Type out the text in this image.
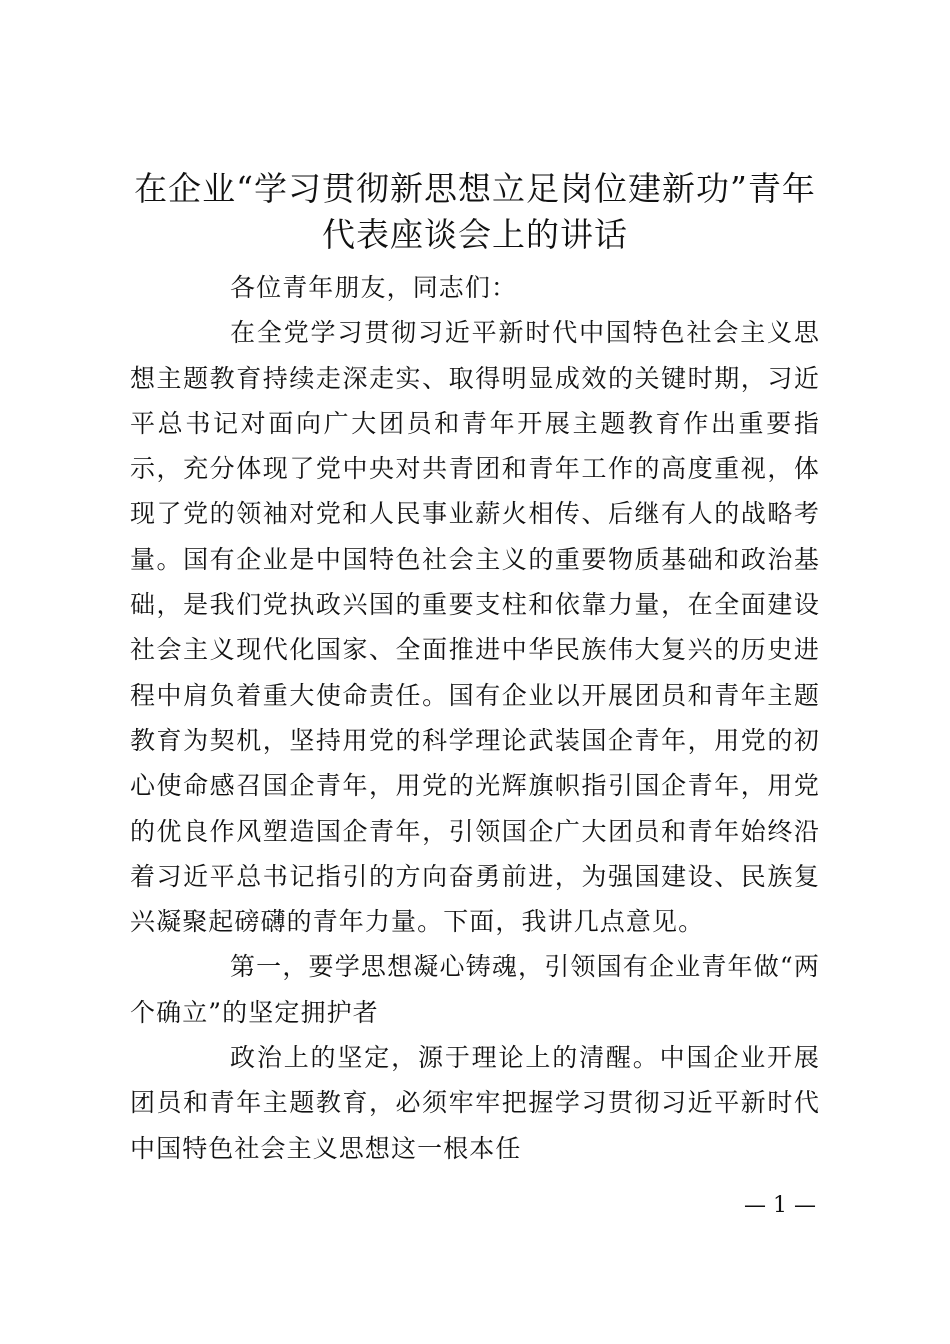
在企业“学习贯彻新思想立足岗位建新功”青年代表座谈会上的讲话

各位青年朋友，同志们：

在全党学习贯彻习近平新时代中国特色社会主义思想主题教育持续走深走实、取得明显成效的关键时期，习近平总书记对面向广大团员和青年开展主题教育作出重要指示，充分体现了党中央对共青团和青年工作的高度重视，体现了党的领袖对党和人民事业薪火相传、后继有人的战略考量。国有企业是中国特色社会主义的重要物质基础和政治基础，是我们党执政兴国的重要支柱和依靠力量，在全面建设社会主义现代化国家、全面推进中华民族伟大复兴的历史进程中肩负着重大使命责任。国有企业以开展团员和青年主题教育为契机，坚持用党的科学理论武装国企青年，用党的初心使命感召国企青年，用党的光辉旗帜指引国企青年，用党的优良作风塑造国企青年，引领国企广大团员和青年始终沿着习近平总书记指引的方向奋勇前进，为强国建设、民族复兴凝聚起磅礴的青年力量。下面，我讲几点意见。

第一，要学思想凝心铸魂，引领国有企业青年做“两个确立”的坚定拥护者

政治上的坚定，源于理论上的清醒。中国企业开展团员和青年主题教育，必须牢牢把握学习贯彻习近平新时代中国特色社会主义思想这一根本任

— 1 —
